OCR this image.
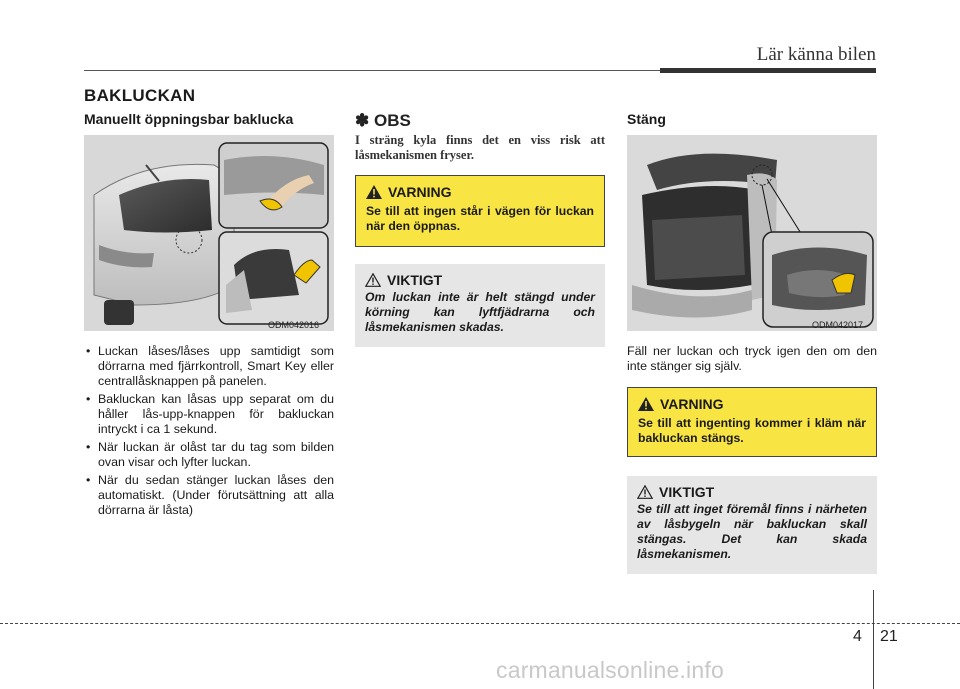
Lär känna bilen
BAKLUCKAN
Manuellt öppningsbar baklucka
ODM042016
• Luckan låses/låses upp samtidigt som dörrarna med fjärrkontroll, Smart Key eller centrallåsknappen på panelen.
• Bakluckan kan låsas upp separat om du håller lås-upp-knappen för bakluckan intryckt i ca 1 sekund.
• När luckan är olåst tar du tag som bilden ovan visar och lyfter luckan.
• När du sedan stänger luckan låses den automatiskt. (Under förutsättning att alla dörrarna är låsta)
✽ OBS
I sträng kyla finns det en viss risk att låsmekanismen fryser.
VARNING
Se till att ingen står i vägen för luckan när den öppnas.
VIKTIGT
Om luckan inte är helt stängd under körning kan lyftfjädrarna och låsmekanismen skadas.
Stäng
ODM042017
Fäll ner luckan och tryck igen den om den inte stänger sig själv.
VARNING
Se till att ingenting kommer i kläm när bakluckan stängs.
VIKTIGT
Se till att inget föremål finns i närheten av låsbygeln när bakluckan skall stängas. Det kan skada låsmekanismen.
4 21
carmanualsonline.info
